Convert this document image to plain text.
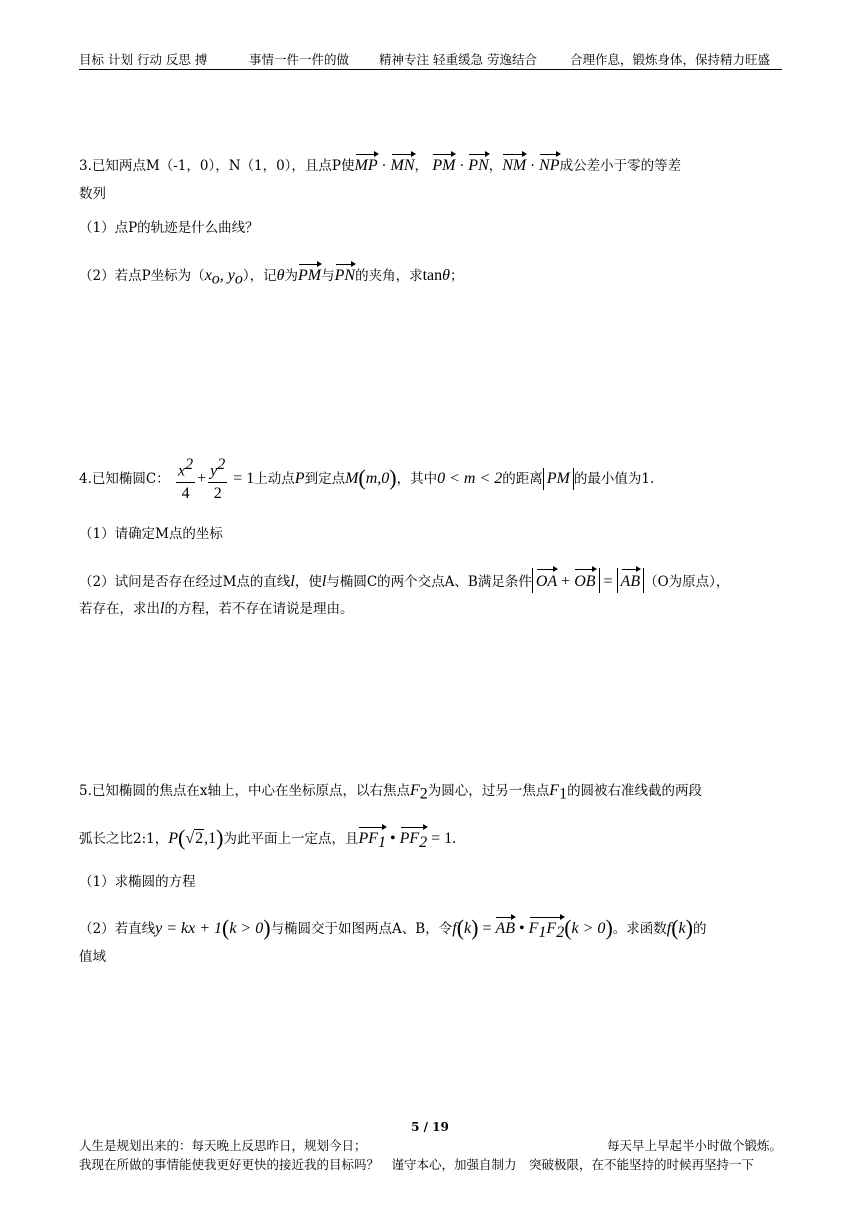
目标 计划 行动 反思 搏	事情一件一件的做 精神专注 轻重缓急 劳逸结合	合理作息，锻炼身体，保持精力旺盛
3.已知两点M（-1，0），N（1，0），且点P使MP · MN， PM · PN，NM · NP成公差小于零的等差
数列
（1）点P的轨迹是什么曲线？
（2）若点P坐标为（$x_o$, $y_o$），记θ为PM与PN的夹角，求tanθ；
4.已知椭圆C： $\frac{x^2}{4} + \frac{y^2}{2} = 1$上动点P到定点M(m,0)，其中0 < m < 2的距离 PM 的最小值为1.
（1）请确定M点的坐标
（2）试问是否存在经过M点的直线l，使l与椭圆C的两个交点A、B满足条件 OA + OB = AB （O为原点），
若存在，求出l的方程，若不存在请说是理由。
5.已知椭圆的焦点在x轴上，中心在坐标原点，以右焦点$F_2$为圆心，过另一焦点$F_1$的圆被右准线截的两段
弧长之比2:1，P(√2,1)为此平面上一定点，且$PF_1$ • $PF_2 = 1$.
（1）求椭圆的方程
（2）若直线y = kx + 1(k > 0)与椭圆交于如图两点A、B，令f(k) = AB • $F_1F_2(k > 0)$。求函数f(k)的
值域
5 / 19
人生是规划出来的：每天晚上反思昨日，规划今日；	每天早上早起半小时做个锻炼。
我现在所做的事情能使我更好更快的接近我的目标吗？　谨守本心，加强自制力　突破极限，在不能坚持的时候再坚持一下
